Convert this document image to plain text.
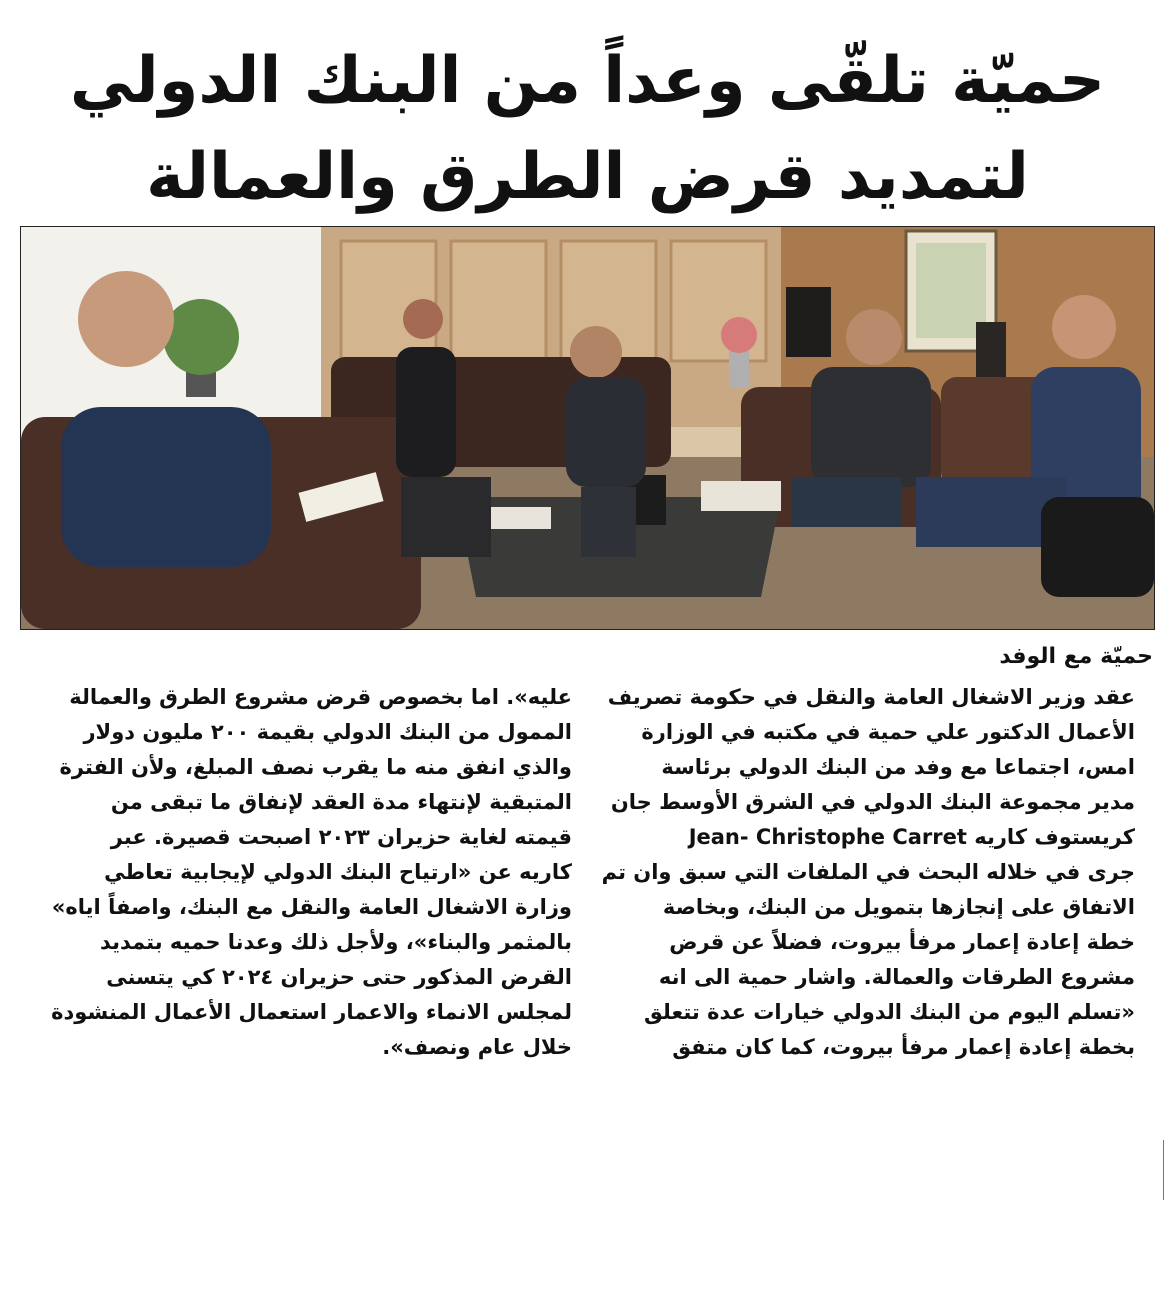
حميّة تلقّى وعداً من البنك الدولي
لتمديد قرض الطرق والعمالة
حميّة مع الوفد
عقد وزير الاشغال العامة والنقل في حكومة تصريف
الأعمال الدكتور علي حمية في مكتبه في الوزارة
امس، اجتماعا مع وفد من البنك الدولي برئاسة
مدير مجموعة البنك الدولي في الشرق الأوسط جان
كريستوف كاريه Jean- Christophe Carret
جرى في خلاله البحث في الملفات التي سبق وان تم
الاتفاق على إنجازها بتمويل من البنك، وبخاصة
خطة إعادة إعمار مرفأ بيروت، فضلاً عن قرض
مشروع الطرقات والعمالة. واشار حمية الى انه
«تسلم اليوم من البنك الدولي خيارات عدة تتعلق
بخطة إعادة إعمار مرفأ بيروت، كما كان متفق
عليه». اما بخصوص قرض مشروع الطرق والعمالة
الممول من البنك الدولي بقيمة ٢٠٠ مليون دولار
والذي انفق منه ما يقرب نصف المبلغ، ولأن الفترة
المتبقية لإنتهاء مدة العقد لإنفاق ما تبقى من
قيمته لغاية حزيران ٢٠٢٣ اصبحت قصيرة. عبر
كاريه عن «ارتياح البنك الدولي لإيجابية تعاطي
وزارة الاشغال العامة والنقل مع البنك، واصفاً اياه»
بالمثمر والبناء»، ولأجل ذلك وعدنا حميه بتمديد
القرض المذكور حتى حزيران ٢٠٢٤ كي يتسنى
لمجلس الانماء والاعمار استعمال الأعمال المنشودة
خلال عام ونصف».
